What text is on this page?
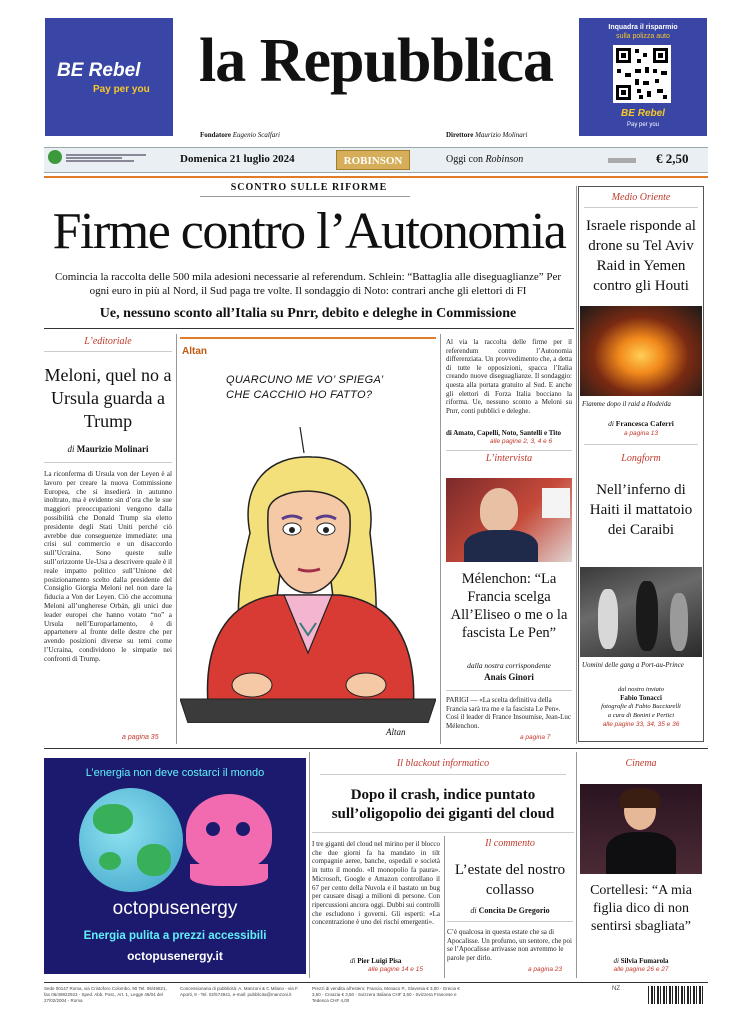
BE Rebel
Pay per you la Repubblica	Inquadra il risparmio
sulla polizza auto
BE Rebel
Pay per you
Fondatore Eugenio Scalfari	Direttore Maurizio Molinari
Domenica 21 luglio 2024	ROBINSON	Oggi con Robinson	€ 2,50
SCONTRO SULLE RIFORME
Firme contro l’Autonomia
Comincia la raccolta delle 500 mila adesioni necessarie al referendum. Schlein: “Battaglia alle diseguaglianze” Per ogni euro in più al Nord, il Sud paga tre volte. Il sondaggio di Noto: contrari anche gli elettori di FI
Ue, nessuno sconto all’Italia su Pnrr, debito e deleghe in Commissione
L’editoriale
Meloni, quel no a Ursula guarda a Trump
di Maurizio Molinari
La riconferma di Ursula von der Leyen è al lavoro per creare la nuova Commissione Europea, che si insedierà in autunno inoltrato, ma è evidente sin d’ora che le sue maggiori preoccupazioni vengono dalla possibilità che Donald Trump sia eletto presidente degli Stati Uniti perché ciò avrebbe due conseguenze immediate: una crisi sul commercio e un disaccordo sull’Ucraina. Sono queste sulle sull’orizzonte Ue-Usa a descrivere quale è il reale impatto politico sull’Unione del posizionamento scelto dalla presidente del Consiglio Giorgia Meloni nel non dare la fiducia a Von der Leyen. Ciò che accomuna Meloni all’ungherese Orbán, gli unici due leader europei che hanno votato “no” a Ursula nell’Europarlamento, è di appartenere al fronte delle destre che per avendo posizioni diverse su temi come l’Ucraina, condividono le simpatie nei confronti di Trump.
a pagina 35
Altan
QUARCUNO ME VO’ SPIEGA’ CHE CACCHIO HO FATTO?
Altan
Al via la raccolta delle firme per il referendum contro l’Autonomia differenziata. Un provvedimento che, a detta di tutte le opposizioni, spacca l’Italia creando nuove diseguaglianze. Il sondaggio: questa alla portata gratuito al Sud. E anche gli elettori di Forza Italia bocciano la riforma. Ue, nessuno sconto a Meloni su Pnrr, conti pubblici e deleghe.
di Amato, Capelli, Noto, Santelli e Tito
alle pagine 2, 3, 4 e 6
L’intervista
Mélenchon: “La Francia scelga All’Eliseo o me o la fascista Le Pen”
dalla nostra corrispondente
Anais Ginori
PARIGI — «La scelta definitiva della Francia sarà tra me e la fascista Le Pen». Così il leader di France Insoumise, Jean-Luc Mélenchon.
a pagina 7
Medio Oriente
Israele risponde al drone su Tel Aviv Raid in Yemen contro gli Houti
Fiamme dopo il raid a Hodeida
di Francesca Caferri
a pagina 13
Longform
Nell’inferno di Haiti il mattatoio dei Caraibi
Uomini delle gang a Port-au-Prince
dal nostro inviato
Fabio Tonacci
fotografie di Fabio Bucciarelli
a cura di Bonini e Pertici
alle pagine 33, 34, 35 e 36
L’energia non deve costarci il mondo
octopusenergy
Energia pulita a prezzi accessibili
octopusenergy.it
Il blackout informatico
Dopo il crash, indice puntato sull’oligopolio dei giganti del cloud
I tre giganti del cloud nel mirino per il blocco che due giorni fa ha mandato in tilt compagnie aeree, banche, ospedali e società in tutto il mondo. «Il monopolio fa paura». Microsoft, Google e Amazon controllano il 67 per cento della Nuvola e il bastato un bug per causare disagi a milioni di persone. Con ripercussioni ancora oggi. Dubbi sui controlli che escludono i governi. Gli esperti: «La concentrazione è uno dei rischi emergenti».
di Pier Luigi Pisa
alle pagine 14 e 15
Il commento
L’estate del nostro collasso
di Concita De Gregorio
C’è qualcosa in questa estate che sa di Apocalisse. Un profumo, un sentore, che poi se l’Apocalisse arrivasse non avremmo le parole per dirlo.
a pagina 23
Cinema
Cortellesi: “A mia figlia dico di non sentirsi sbagliata”
di Silvia Fumarola
alle pagine 26 e 27
Sede 00147 Roma, via Cristoforo Colombo, 90 Tel. 06/49821, fax 06/49822923 - Sped. Abb. Post., Art. 1, Legge 46/04 del 27/02/2004 - Roma
Concessionaria di pubblicità: A. Manzoni & C Milano - via F. Aporti, 8 - Tel. 02/574941, e-mail: pubblicita@manzoni.it
Prezzi di vendita all’estero: Francia, Monaco P., Slovenia € 3,00 - Grecia € 3,50 - Croazia € 3,50 - Svizzera Italiana CHF 3,50 - Svizzera Francese e Tedesca CHF 4,00
NZ
